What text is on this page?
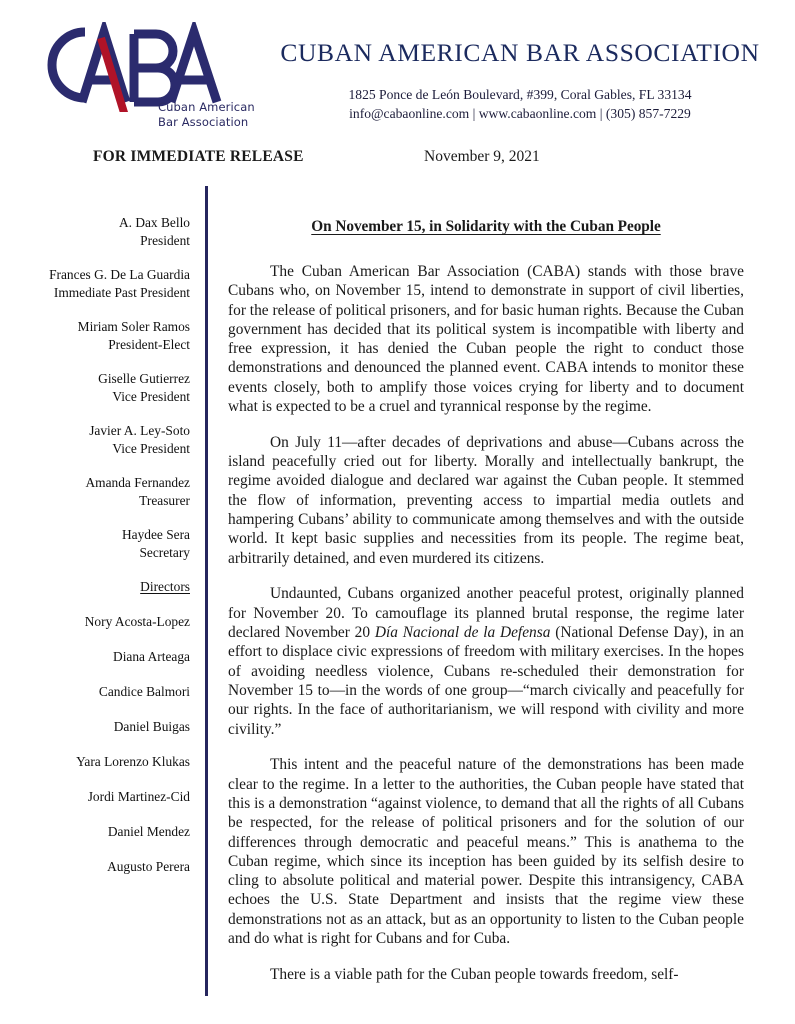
Cuban American
Bar Association
CUBAN AMERICAN BAR ASSOCIATION
1825 Ponce de León Boulevard, #399, Coral Gables, FL 33134
info@cabaonline.com | www.cabaonline.com | (305) 857-7229
FOR IMMEDIATE RELEASE	November 9, 2021
A. Dax Bello
President
Frances G. De La Guardia
Immediate Past President
Miriam Soler Ramos
President-Elect
Giselle Gutierrez
Vice President
Javier A. Ley-Soto
Vice President
Amanda Fernandez
Treasurer
Haydee Sera
Secretary
Directors
Nory Acosta-Lopez
Diana Arteaga
Candice Balmori
Daniel Buigas
Yara Lorenzo Klukas
Jordi Martinez-Cid
Daniel Mendez
Augusto Perera
On November 15, in Solidarity with the Cuban People

The Cuban American Bar Association (CABA) stands with those brave Cubans who, on November 15, intend to demonstrate in support of civil liberties, for the release of political prisoners, and for basic human rights. Because the Cuban government has decided that its political system is incompatible with liberty and free expression, it has denied the Cuban people the right to conduct those demonstrations and denounced the planned event. CABA intends to monitor these events closely, both to amplify those voices crying for liberty and to document what is expected to be a cruel and tyrannical response by the regime.

On July 11—after decades of deprivations and abuse—Cubans across the island peacefully cried out for liberty. Morally and intellectually bankrupt, the regime avoided dialogue and declared war against the Cuban people. It stemmed the flow of information, preventing access to impartial media outlets and hampering Cubans’ ability to communicate among themselves and with the outside world. It kept basic supplies and necessities from its people. The regime beat, arbitrarily detained, and even murdered its citizens.

Undaunted, Cubans organized another peaceful protest, originally planned for November 20. To camouflage its planned brutal response, the regime later declared November 20 Día Nacional de la Defensa (National Defense Day), in an effort to displace civic expressions of freedom with military exercises. In the hopes of avoiding needless violence, Cubans re-scheduled their demonstration for November 15 to—in the words of one group—“march civically and peacefully for our rights. In the face of authoritarianism, we will respond with civility and more civility.”

This intent and the peaceful nature of the demonstrations has been made clear to the regime. In a letter to the authorities, the Cuban people have stated that this is a demonstration “against violence, to demand that all the rights of all Cubans be respected, for the release of political prisoners and for the solution of our differences through democratic and peaceful means.” This is anathema to the Cuban regime, which since its inception has been guided by its selfish desire to cling to absolute political and material power. Despite this intransigency, CABA echoes the U.S. State Department and insists that the regime view these demonstrations not as an attack, but as an opportunity to listen to the Cuban people and do what is right for Cubans and for Cuba.

There is a viable path for the Cuban people towards freedom, self-
